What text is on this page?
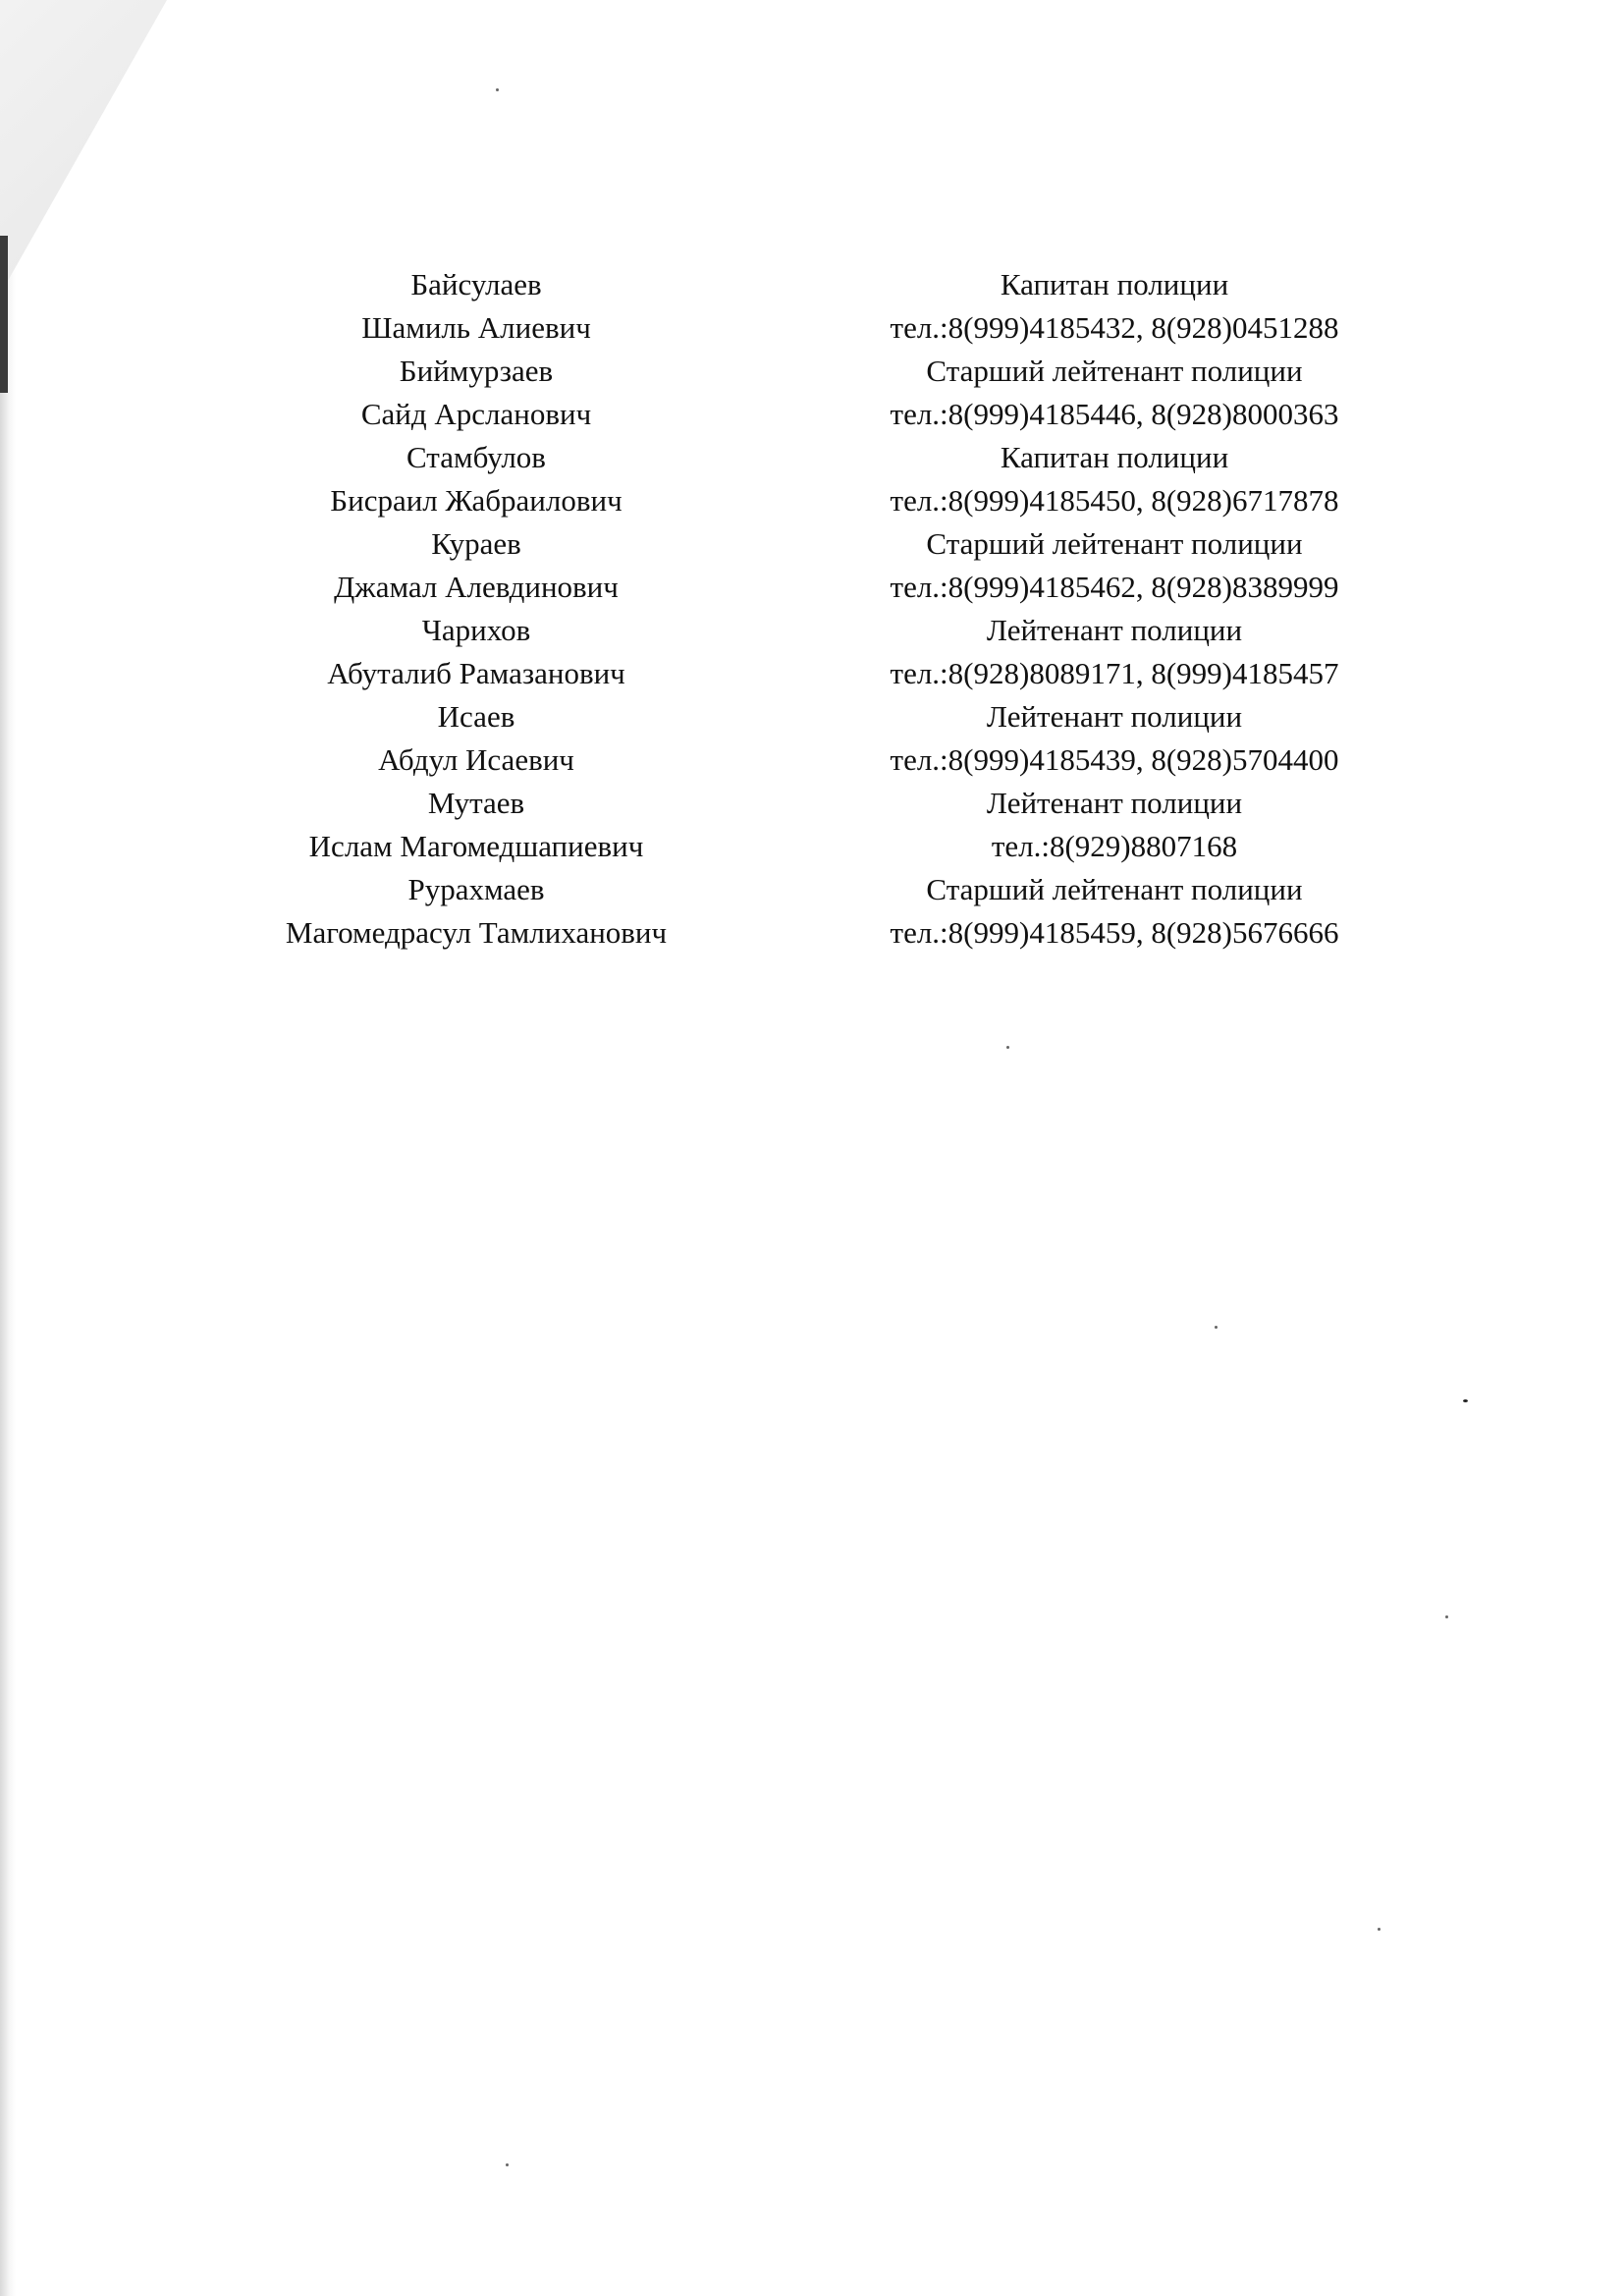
Байсулаев
Шамиль Алиевич
Биймурзаев
Сайд Арсланович
Стамбулов
Бисраил Жабраилович
Кураев
Джамал Алевдинович
Чарихов
Абуталиб Рамазанович
Исаев
Абдул Исаевич
Мутаев
Ислам Магомедшапиевич
Рурахмаев
Магомедрасул Тамлиханович
Капитан полиции
тел.:8(999)4185432, 8(928)0451288
Старший лейтенант полиции
тел.:8(999)4185446, 8(928)8000363
Капитан полиции
тел.:8(999)4185450, 8(928)6717878
Старший лейтенант полиции
тел.:8(999)4185462, 8(928)8389999
Лейтенант полиции
тел.:8(928)8089171, 8(999)4185457
Лейтенант полиции
тел.:8(999)4185439, 8(928)5704400
Лейтенант полиции
тел.:8(929)8807168
Старший лейтенант полиции
тел.:8(999)4185459, 8(928)5676666
